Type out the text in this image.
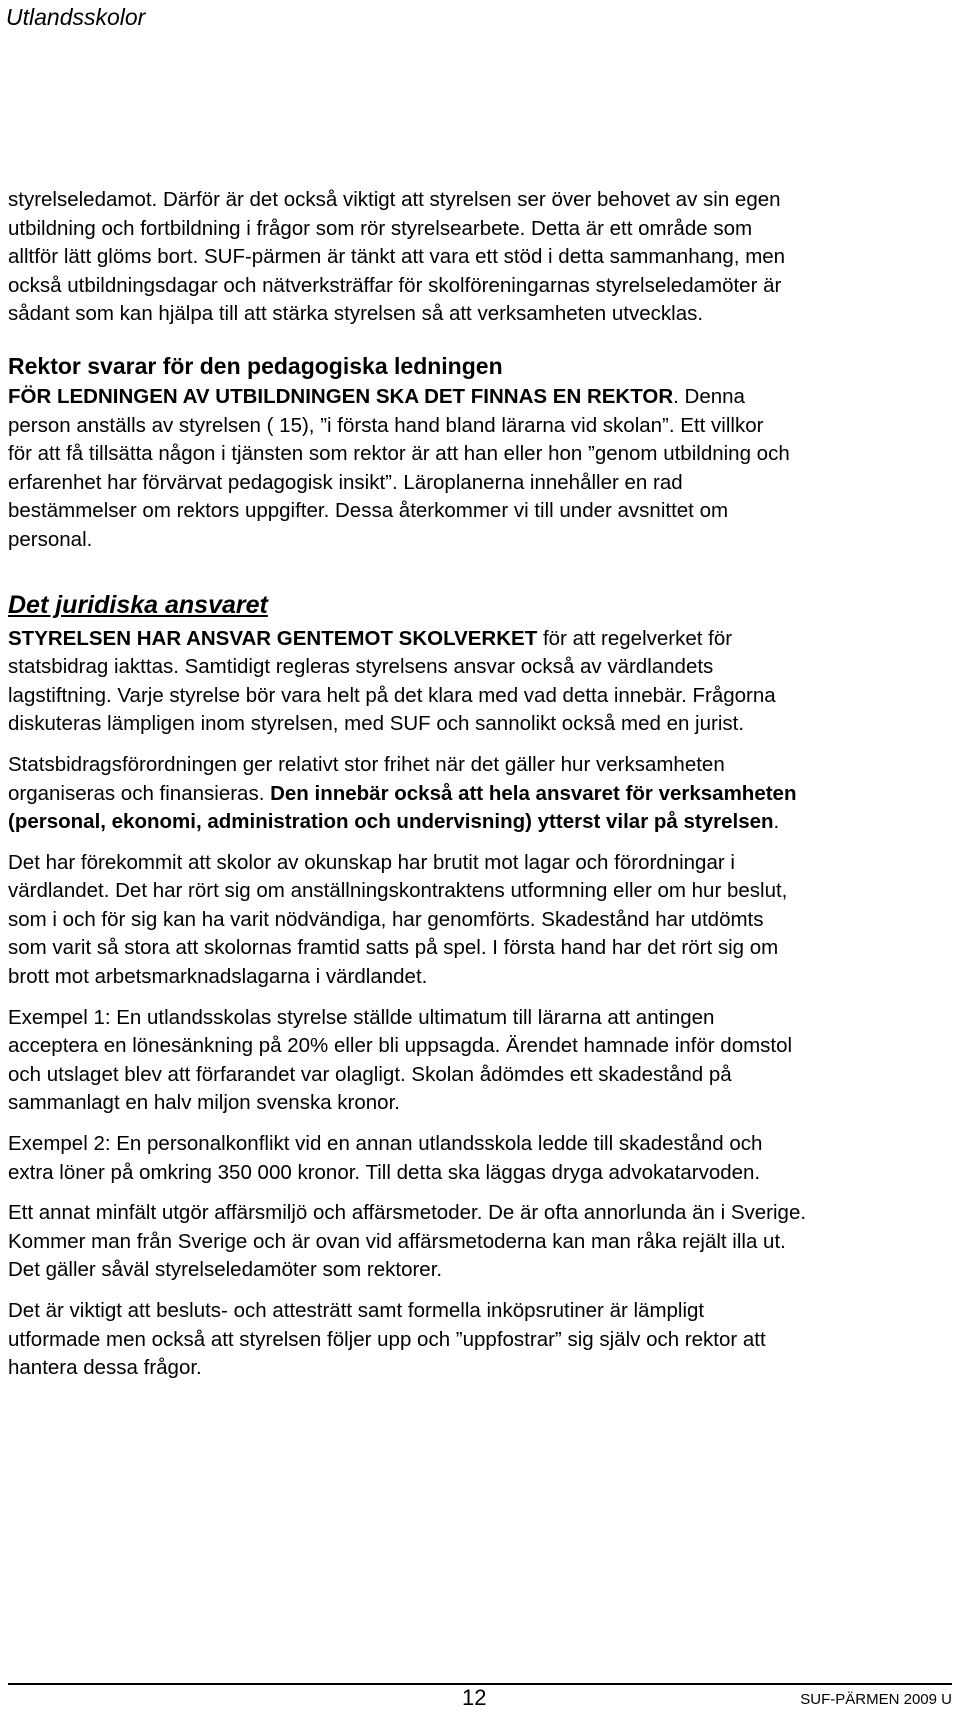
Utlandsskolor

styrelseledamot. Därför är det också viktigt att styrelsen ser över behovet av sin egen

utbildning och fortbildning i frågor som rör styrelsearbete. Detta är ett område som

alltför lätt glöms bort. SUF-pärmen är tänkt att vara ett stöd i detta sammanhang, men

också utbildningsdagar och nätverksträffar för skolföreningarnas styrelseledamöter är

sådant som kan hjälpa till att stärka styrelsen så att verksamheten utvecklas.

Rektor svarar för den pedagogiska ledningen

FÖR LEDNINGEN AV UTBILDNINGEN SKA DET FINNAS EN REKTOR. Denna

person anställs av styrelsen ( 15), ”i första hand bland lärarna vid skolan”. Ett villkor

för att få tillsätta någon i tjänsten som rektor är att han eller hon ”genom utbildning och

erfarenhet har förvärvat pedagogisk insikt”. Läroplanerna innehåller en rad

bestämmelser om rektors uppgifter. Dessa återkommer vi till under avsnittet om

personal.

Det juridiska ansvaret

STYRELSEN HAR ANSVAR GENTEMOT SKOLVERKET för att regelverket för

statsbidrag iakttas. Samtidigt regleras styrelsens ansvar också av värdlandets

lagstiftning. Varje styrelse bör vara helt på det klara med vad detta innebär. Frågorna

diskuteras lämpligen inom styrelsen, med SUF och sannolikt också med en jurist.

Statsbidragsförordningen ger relativt stor frihet när det gäller hur verksamheten

organiseras och finansieras. Den innebär också att hela ansvaret för verksamheten

(personal, ekonomi, administration och undervisning) ytterst vilar på styrelsen.

Det har förekommit att skolor av okunskap har brutit mot lagar och förordningar i

värdlandet. Det har rört sig om anställningskontraktens utformning eller om hur beslut,

som i och för sig kan ha varit nödvändiga, har genomförts. Skadestånd har utdömts

som varit så stora att skolornas framtid satts på spel. I första hand har det rört sig om

brott mot arbetsmarknadslagarna i värdlandet.

Exempel 1: En utlandsskolas styrelse ställde ultimatum till lärarna att antingen

acceptera en lönesänkning på 20% eller bli uppsagda. Ärendet hamnade inför domstol

och utslaget blev att förfarandet var olagligt. Skolan ådömdes ett skadestånd på

sammanlagt en halv miljon svenska kronor.

Exempel 2: En personalkonflikt vid en annan utlandsskola ledde till skadestånd och

extra löner på omkring 350 000 kronor. Till detta ska läggas dryga advokatarvoden.

Ett annat minfält utgör affärsmiljö och affärsmetoder. De är ofta annorlunda än i Sverige.

Kommer man från Sverige och är ovan vid affärsmetoderna kan man råka rejält illa ut.

Det gäller såväl styrelseledamöter som rektorer.

Det är viktigt att besluts- och attesträtt samt formella inköpsrutiner är lämpligt

utformade men också att styrelsen följer upp och ”uppfostrar” sig själv och rektor att

hantera dessa frågor.

12	SUF-PÄRMEN 2009 U
